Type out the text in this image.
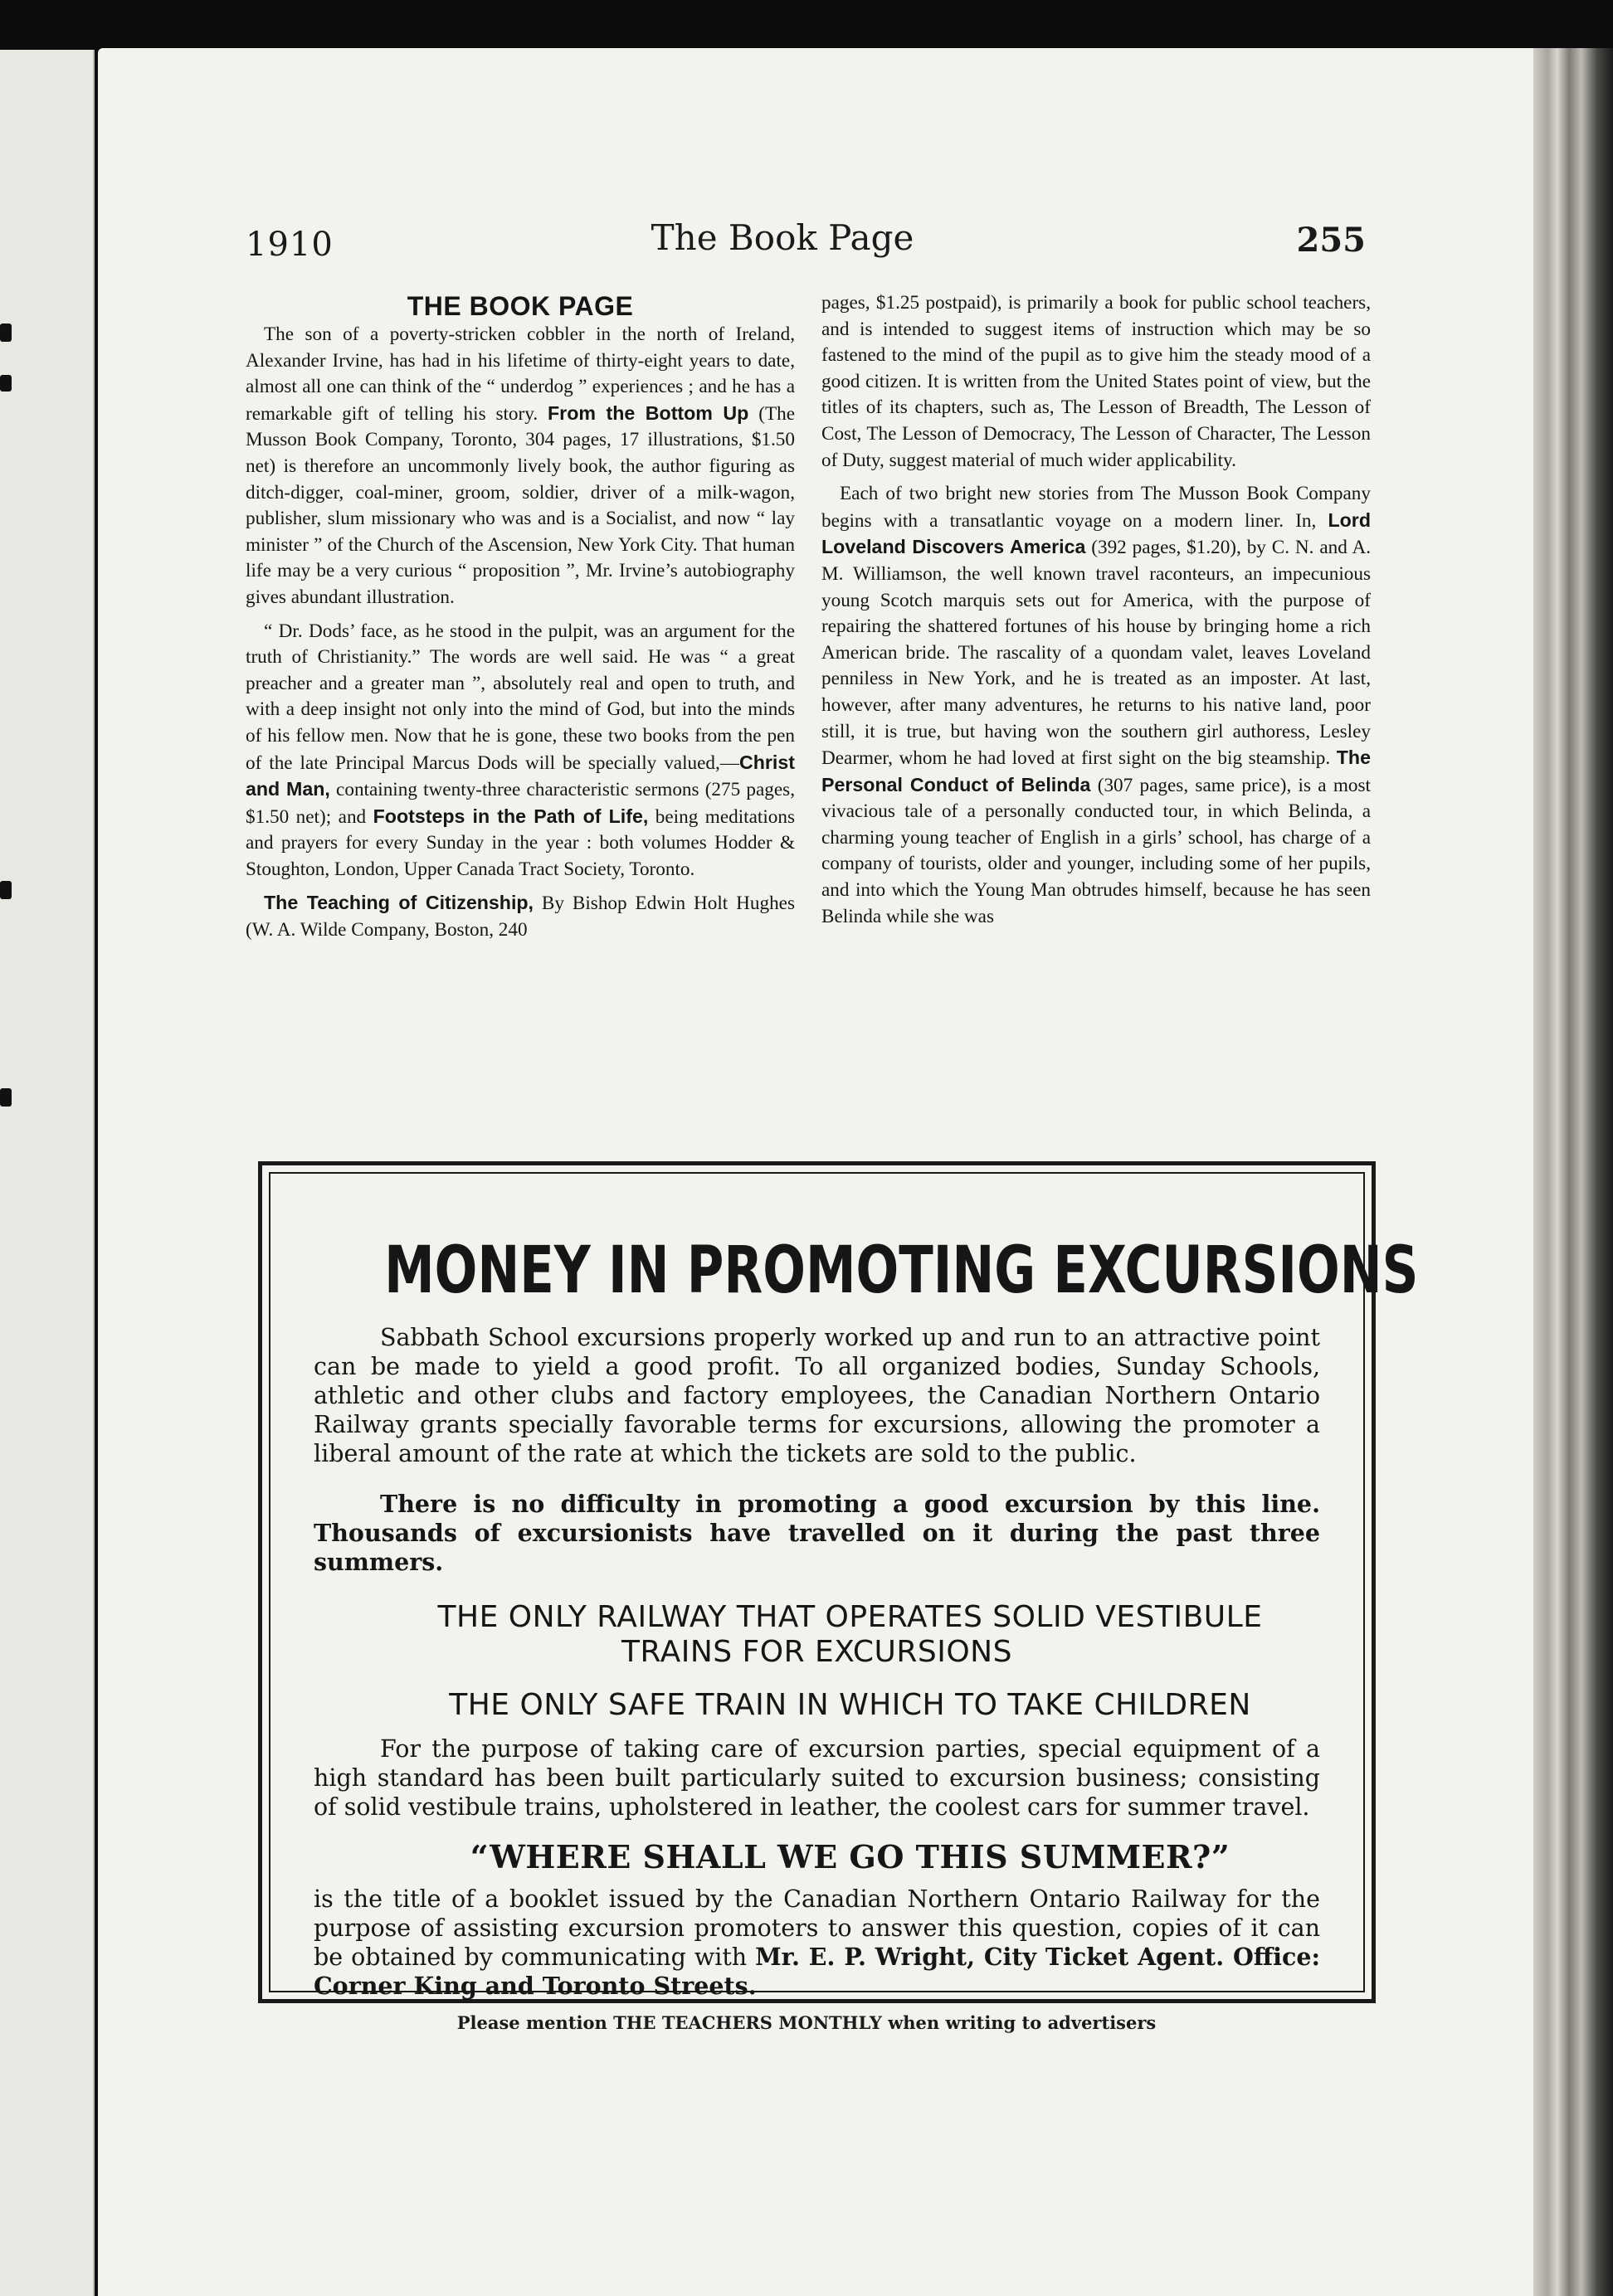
1910	The Book Page	255
THE BOOK PAGE

The son of a poverty-stricken cobbler in the north of Ireland, Alexander Irvine, has had in his lifetime of thirty-eight years to date, almost all one can think of the “ underdog ” experiences ; and he has a remarkable gift of telling his story. From the Bottom Up (The Musson Book Company, Toronto, 304 pages, 17 illustrations, $1.50 net) is therefore an uncommonly lively book, the author figuring as ditch-digger, coal-miner, groom, soldier, driver of a milk-wagon, publisher, slum missionary who was and is a Socialist, and now “ lay minister ” of the Church of the Ascension, New York City. That human life may be a very curious “ proposition ”, Mr. Irvine’s autobiography gives abundant illustration.

“ Dr. Dods’ face, as he stood in the pulpit, was an argument for the truth of Christianity.” The words are well said. He was “ a great preacher and a greater man ”, absolutely real and open to truth, and with a deep insight not only into the mind of God, but into the minds of his fellow men. Now that he is gone, these two books from the pen of the late Principal Marcus Dods will be specially valued,—Christ and Man, containing twenty-three characteristic sermons (275 pages, $1.50 net); and Footsteps in the Path of Life, being meditations and prayers for every Sunday in the year : both volumes Hodder & Stoughton, London, Upper Canada Tract Society, Toronto.

The Teaching of Citizenship, By Bishop Edwin Holt Hughes (W. A. Wilde Company, Boston, 240

pages, $1.25 postpaid), is primarily a book for public school teachers, and is intended to suggest items of instruction which may be so fastened to the mind of the pupil as to give him the steady mood of a good citizen. It is written from the United States point of view, but the titles of its chapters, such as, The Lesson of Breadth, The Lesson of Cost, The Lesson of Democracy, The Lesson of Character, The Lesson of Duty, suggest material of much wider applicability.

Each of two bright new stories from The Musson Book Company begins with a transatlantic voyage on a modern liner. In, Lord Loveland Discovers America (392 pages, $1.20), by C. N. and A. M. Williamson, the well known travel raconteurs, an impecunious young Scotch marquis sets out for America, with the purpose of repairing the shattered fortunes of his house by bringing home a rich American bride. The rascality of a quondam valet, leaves Loveland penniless in New York, and he is treated as an imposter. At last, however, after many adventures, he returns to his native land, poor still, it is true, but having won the southern girl authoress, Lesley Dearmer, whom he had loved at first sight on the big steamship. The Personal Conduct of Belinda (307 pages, same price), is a most vivacious tale of a personally conducted tour, in which Belinda, a charming young teacher of English in a girls’ school, has charge of a company of tourists, older and younger, including some of her pupils, and into which the Young Man obtrudes himself, because he has seen Belinda while she was

MONEY IN PROMOTING EXCURSIONS

Sabbath School excursions properly worked up and run to an attractive point can be made to yield a good profit. To all organized bodies, Sunday Schools, athletic and other clubs and factory employees, the Canadian Northern Ontario Railway grants specially favorable terms for excursions, allowing the promoter a liberal amount of the rate at which the tickets are sold to the public.

There is no difficulty in promoting a good excursion by this line. Thousands of excursionists have travelled on it during the past three summers.

THE ONLY RAILWAY THAT OPERATES SOLID VESTIBULE
TRAINS FOR EXCURSIONS

THE ONLY SAFE TRAIN IN WHICH TO TAKE CHILDREN

For the purpose of taking care of excursion parties, special equipment of a high standard has been built particularly suited to excursion business; consisting of solid vestibule trains, upholstered in leather, the coolest cars for summer travel.

“WHERE SHALL WE GO THIS SUMMER?”

is the title of a booklet issued by the Canadian Northern Ontario Railway for the purpose of assisting excursion promoters to answer this question, copies of it can be obtained by communicating with Mr. E. P. Wright, City Ticket Agent. Office: Corner King and Toronto Streets.

Please mention THE TEACHERS MONTHLY when writing to advertisers
